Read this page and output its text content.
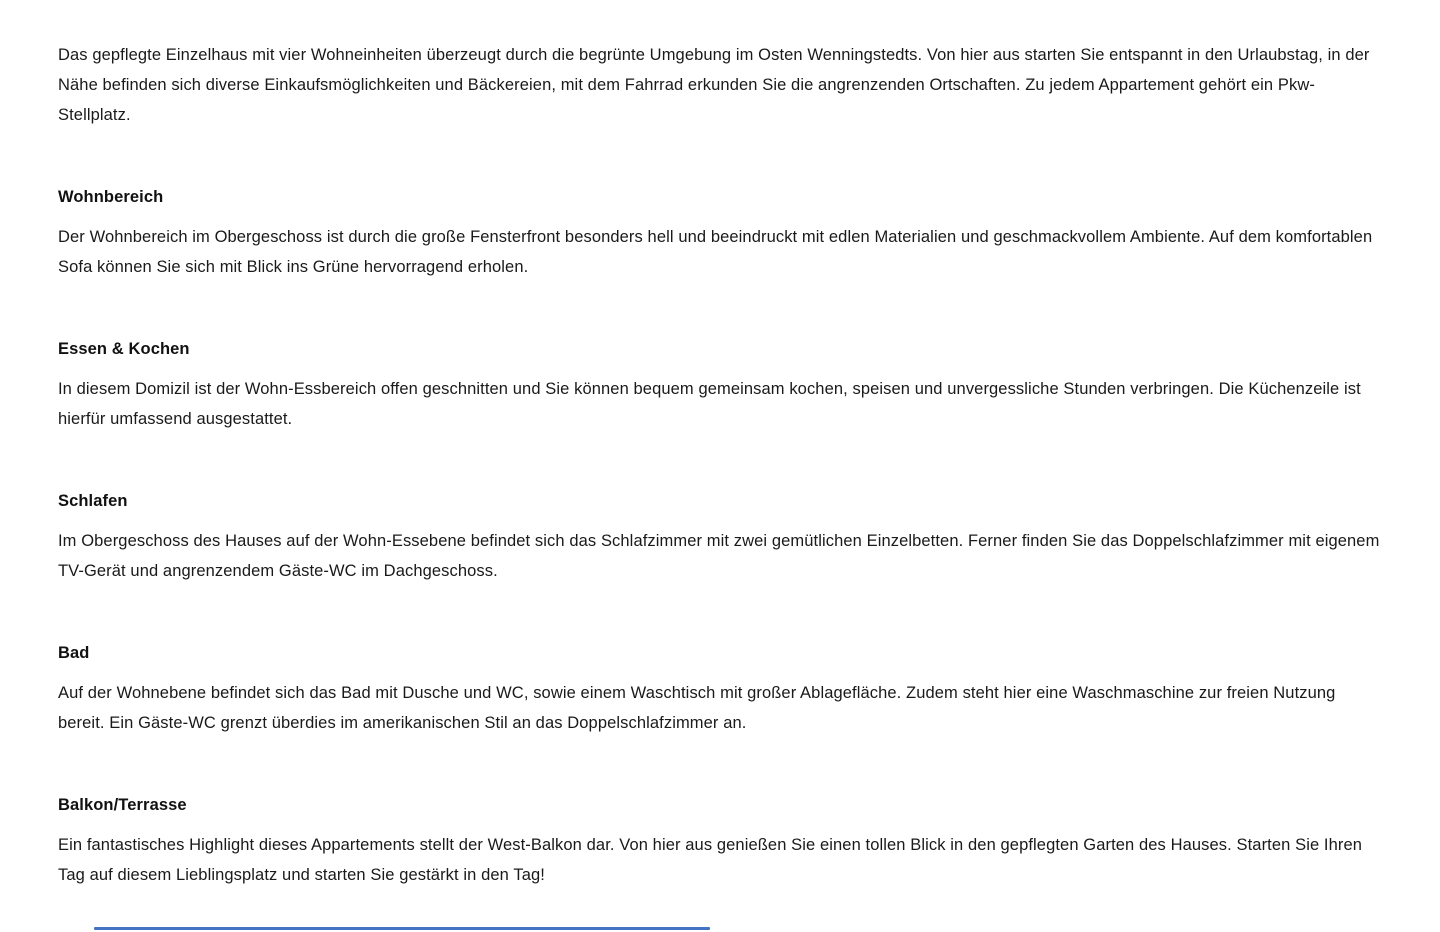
Das gepflegte Einzelhaus mit vier Wohneinheiten überzeugt durch die begrünte Umgebung im Osten Wenningstedts. Von hier aus starten Sie entspannt in den Urlaubstag, in der Nähe befinden sich diverse Einkaufsmöglichkeiten und Bäckereien, mit dem Fahrrad erkunden Sie die angrenzenden Ortschaften. Zu jedem Appartement gehört ein Pkw-Stellplatz.

Wohnbereich

Der Wohnbereich im Obergeschoss ist durch die große Fensterfront besonders hell und beeindruckt mit edlen Materialien und geschmackvollem Ambiente. Auf dem komfortablen Sofa können Sie sich mit Blick ins Grüne hervorragend erholen.

Essen & Kochen

In diesem Domizil ist der Wohn-Essbereich offen geschnitten und Sie können bequem gemeinsam kochen, speisen und unvergessliche Stunden verbringen. Die Küchenzeile ist hierfür umfassend ausgestattet.

Schlafen

Im Obergeschoss des Hauses auf der Wohn-Essebene befindet sich das Schlafzimmer mit zwei gemütlichen Einzelbetten. Ferner finden Sie das Doppelschlafzimmer mit eigenem TV-Gerät und angrenzendem Gäste-WC im Dachgeschoss.

Bad

Auf der Wohnebene befindet sich das Bad mit Dusche und WC, sowie einem Waschtisch mit großer Ablagefläche. Zudem steht hier eine Waschmaschine zur freien Nutzung bereit. Ein Gäste-WC grenzt überdies im amerikanischen Stil an das Doppelschlafzimmer an.

Balkon/Terrasse

Ein fantastisches Highlight dieses Appartements stellt der West-Balkon dar. Von hier aus genießen Sie einen tollen Blick in den gepflegten Garten des Hauses. Starten Sie Ihren Tag auf diesem Lieblingsplatz und starten Sie gestärkt in den Tag!
